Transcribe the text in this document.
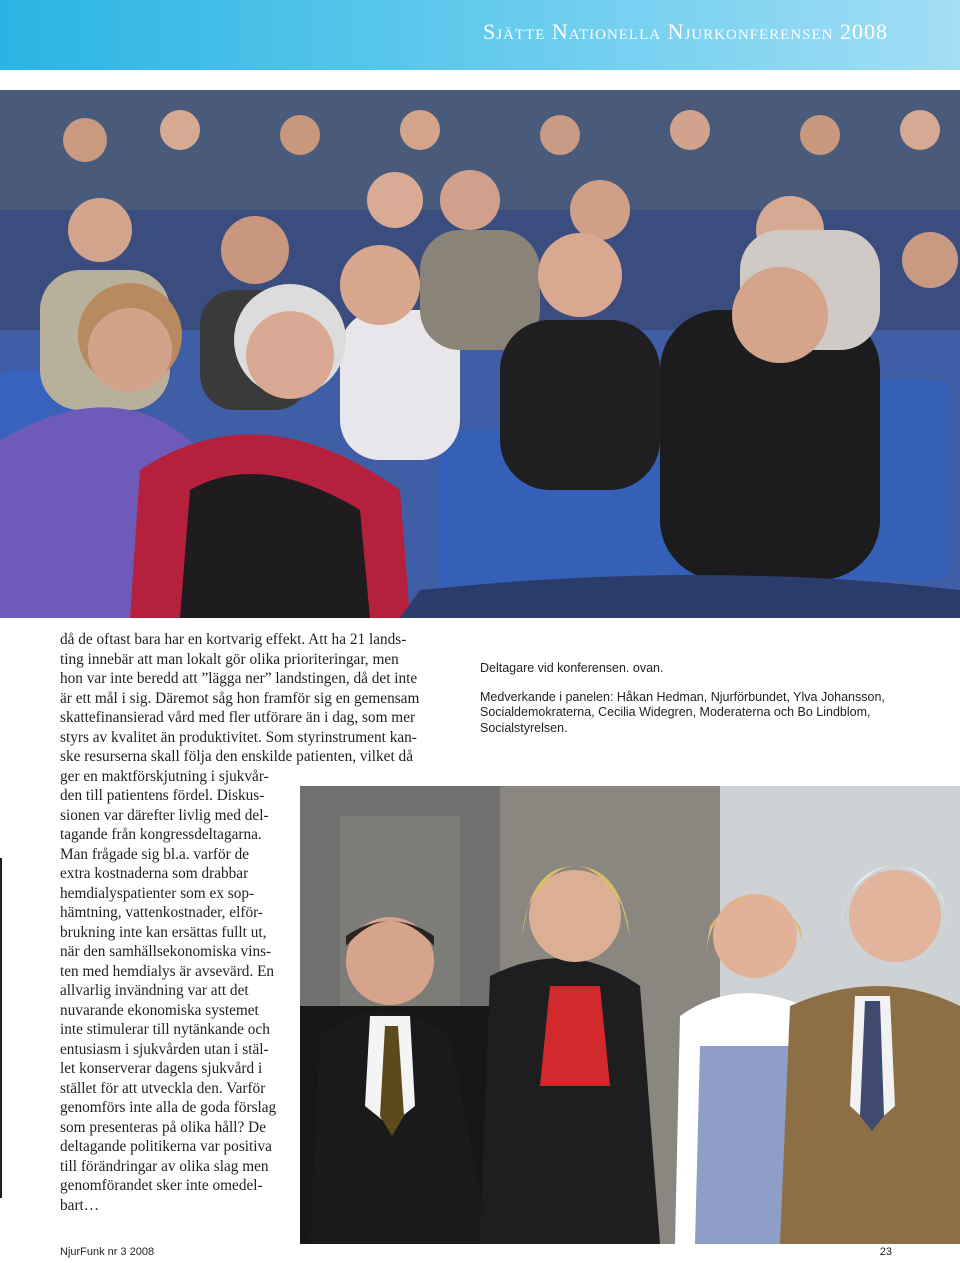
Sjätte Nationella Njurkonferensen 2008
då de oftast bara har en kortvarig effekt. Att ha 21 lands-
ting innebär att man lokalt gör olika prioriteringar, men
hon var inte beredd att ”lägga ner” landstingen, då det inte
är ett mål i sig. Däremot såg hon framför sig en gemensam
skattefinansierad vård med fler utförare än i dag, som mer
styrs av kvalitet än produktivitet. Som styrinstrument kan-
ske resurserna skall följa den enskilde patienten, vilket då
ger en maktförskjutning i sjukvår-
den till patientens fördel. Diskus-
sionen var därefter livlig med del-
tagande från kongressdeltagarna.
Man frågade sig bl.a. varför de
extra kostnaderna som drabbar
hemdialyspatienter som ex sop-
hämtning, vattenkostnader, elför-
brukning inte kan ersättas fullt ut,
när den samhällsekonomiska vins-
ten med hemdialys är avsevärd. En
allvarlig invändning var att det
nuvarande ekonomiska systemet
inte stimulerar till nytänkande och
entusiasm i sjukvården utan i stäl-
let konserverar dagens sjukvård i
stället för att utveckla den. Varför
genomförs inte alla de goda förslag
som presenteras på olika håll? De
deltagande politikerna var positiva
till förändringar av olika slag men
genomförandet sker inte omedel-
bart…

Deltagare vid konferensen. ovan.

Medverkande i panelen: Håkan Hedman, Njurförbundet, Ylva Johansson, Socialdemokraterna, Cecilia Widegren, Moderaterna och Bo Lindblom, Socialstyrelsen.

NjurFunk nr 3 2008	23
